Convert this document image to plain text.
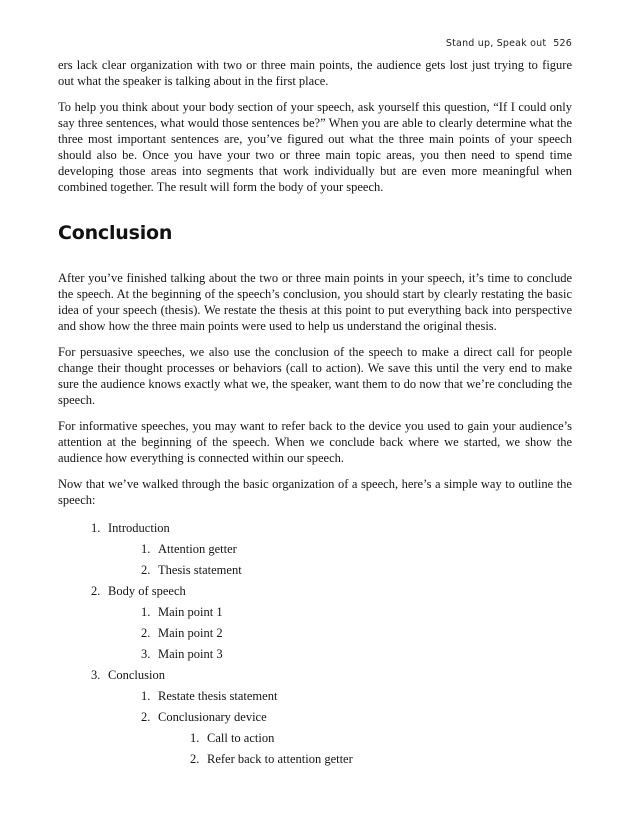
Stand up, Speak out 526

ers lack clear organization with two or three main points, the audience gets lost just trying to figure out what the speaker is talking about in the first place.

To help you think about your body section of your speech, ask yourself this question, “If I could only say three sentences, what would those sentences be?” When you are able to clearly determine what the three most important sentences are, you’ve figured out what the three main points of your speech should also be. Once you have your two or three main topic areas, you then need to spend time developing those areas into segments that work individually but are even more meaningful when combined together. The result will form the body of your speech.

Conclusion

After you’ve finished talking about the two or three main points in your speech, it’s time to conclude the speech. At the beginning of the speech’s conclusion, you should start by clearly restating the basic idea of your speech (thesis). We restate the thesis at this point to put everything back into perspective and show how the three main points were used to help us understand the original thesis.

For persuasive speeches, we also use the conclusion of the speech to make a direct call for people change their thought processes or behaviors (call to action). We save this until the very end to make sure the audience knows exactly what we, the speaker, want them to do now that we’re concluding the speech.

For informative speeches, you may want to refer back to the device you used to gain your audience’s attention at the beginning of the speech. When we conclude back where we started, we show the audience how everything is connected within our speech.

Now that we’ve walked through the basic organization of a speech, here’s a simple way to outline the speech:

1. Introduction
1. Attention getter
2. Thesis statement
2. Body of speech
1. Main point 1
2. Main point 2
3. Main point 3
3. Conclusion
1. Restate thesis statement
2. Conclusionary device
1. Call to action
2. Refer back to attention getter
